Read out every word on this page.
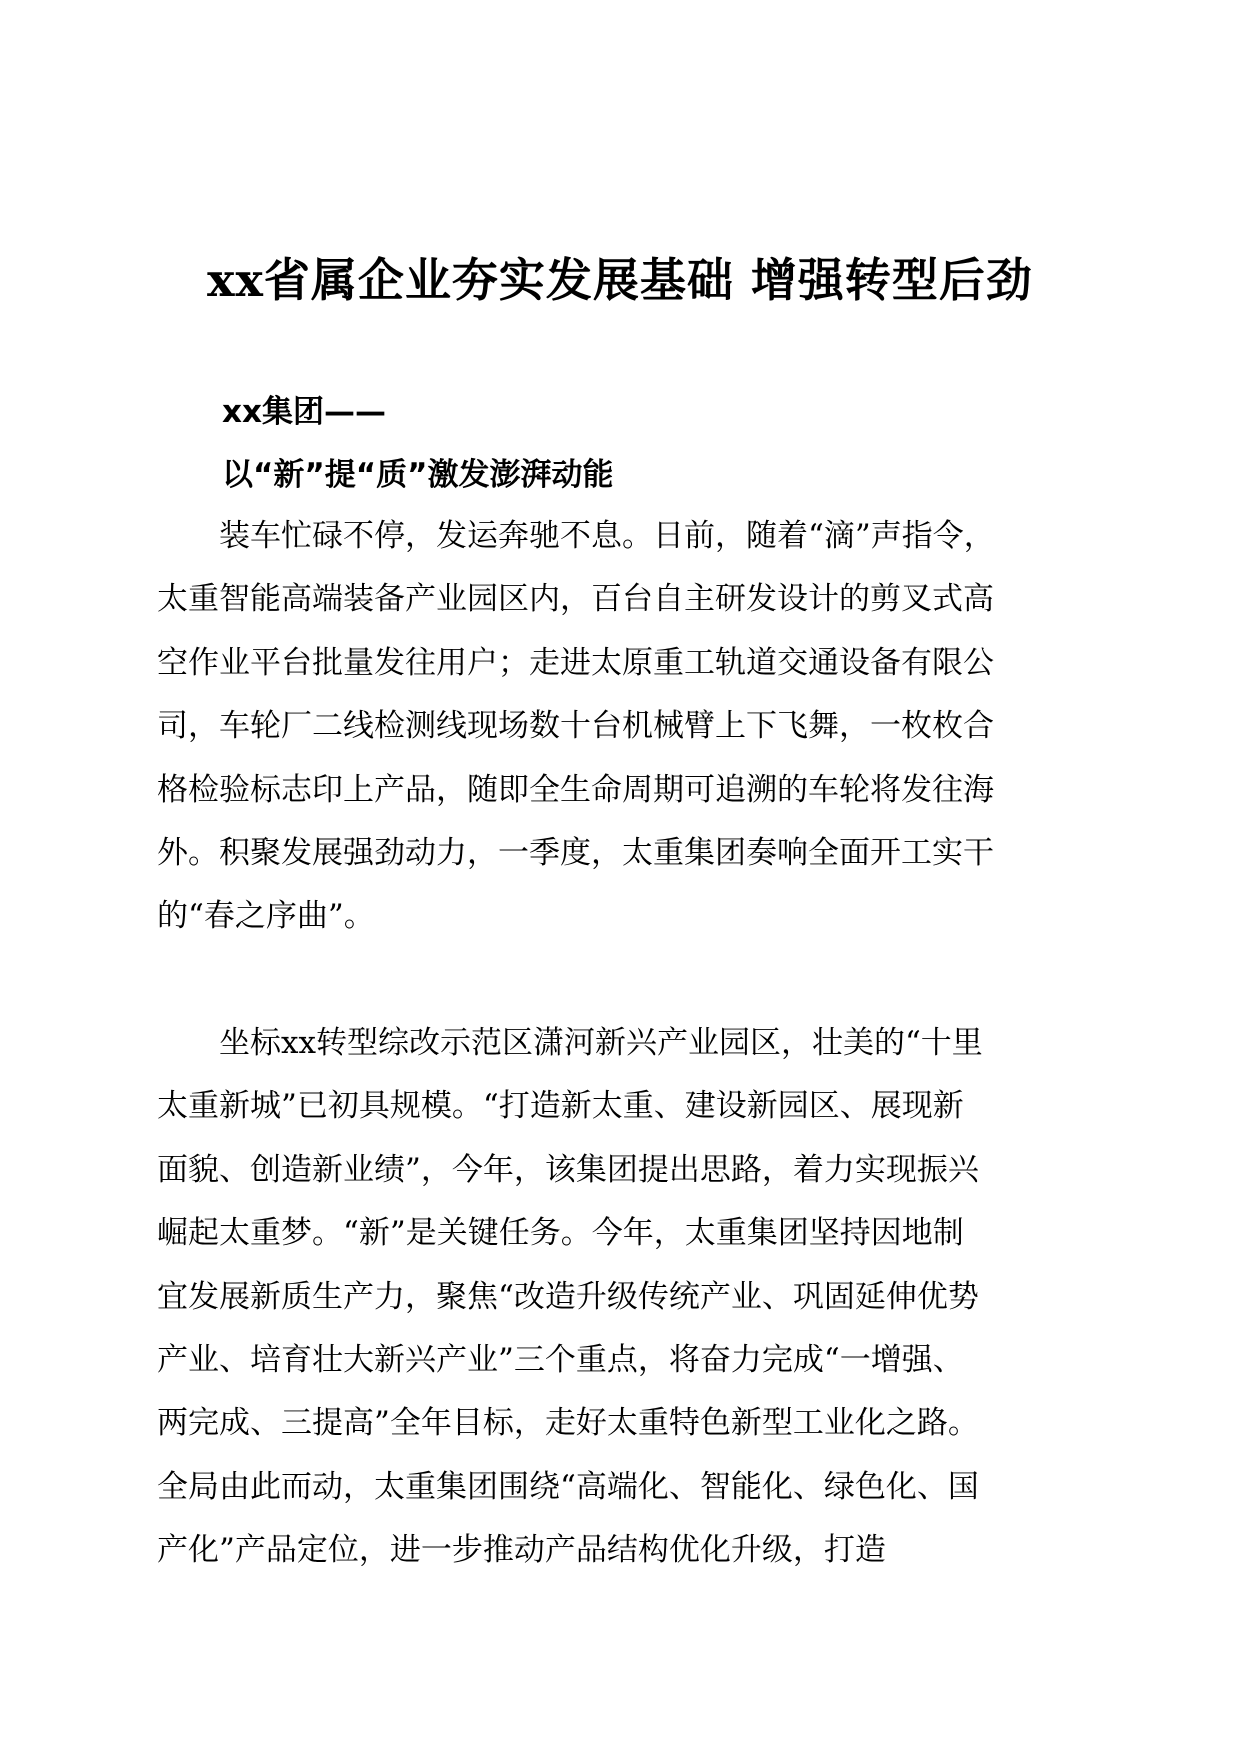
xx省属企业夯实发展基础 增强转型后劲

xx集团——

以“新”提“质”激发澎湃动能

装车忙碌不停，发运奔驰不息。日前，随着“滴”声指令，
太重智能高端装备产业园区内，百台自主研发设计的剪叉式高
空作业平台批量发往用户；走进太原重工轨道交通设备有限公
司，车轮厂二线检测线现场数十台机械臂上下飞舞，一枚枚合
格检验标志印上产品，随即全生命周期可追溯的车轮将发往海
外。积聚发展强劲动力，一季度，太重集团奏响全面开工实干
的“春之序曲”。
坐标xx转型综改示范区潇河新兴产业园区，壮美的“十里
太重新城”已初具规模。“打造新太重、建设新园区、展现新
面貌、创造新业绩”，今年，该集团提出思路，着力实现振兴
崛起太重梦。“新”是关键任务。今年，太重集团坚持因地制
宜发展新质生产力，聚焦“改造升级传统产业、巩固延伸优势
产业、培育壮大新兴产业”三个重点，将奋力完成“一增强、
两完成、三提高”全年目标，走好太重特色新型工业化之路。
全局由此而动，太重集团围绕“高端化、智能化、绿色化、国
产化”产品定位，进一步推动产品结构优化升级，打造
